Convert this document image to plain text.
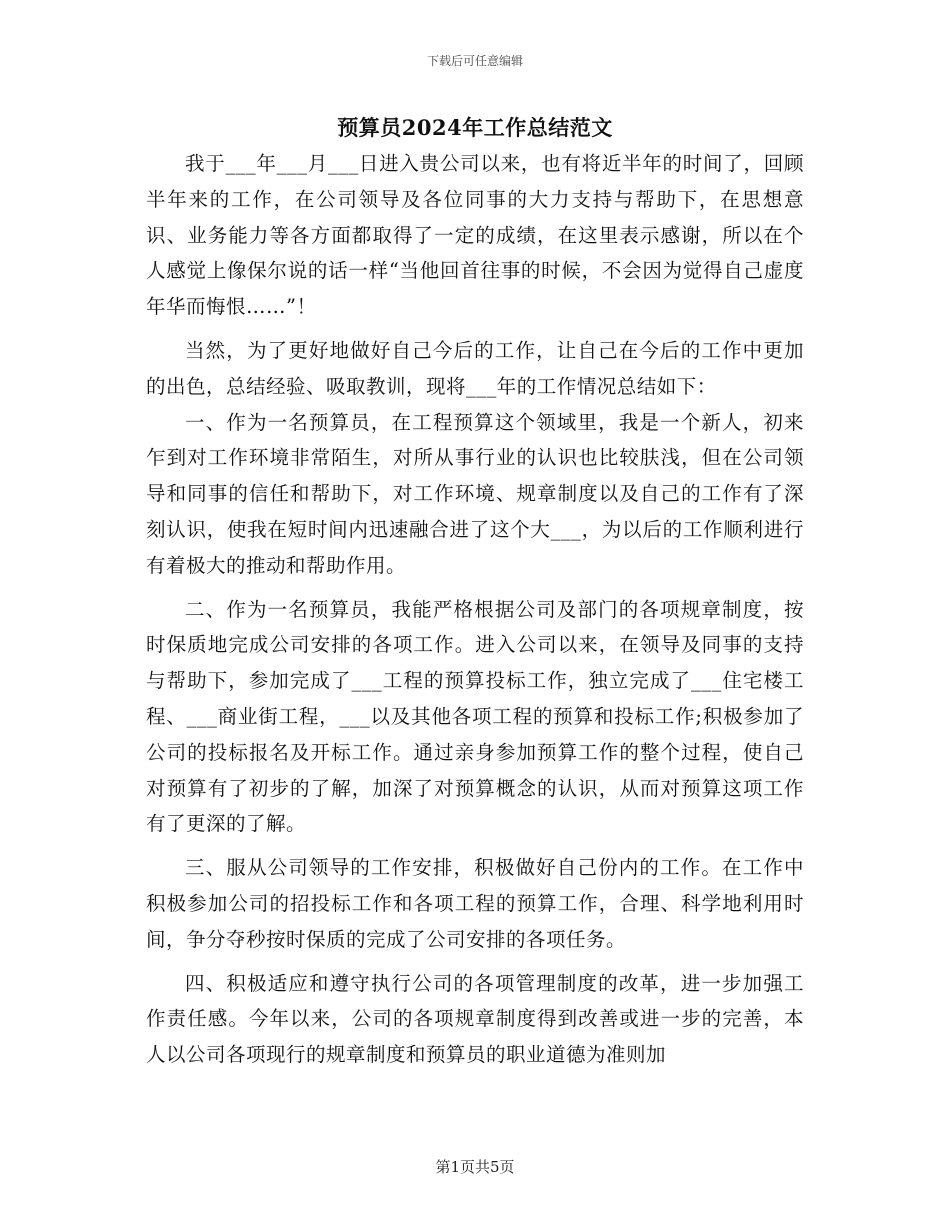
下载后可任意编辑
预算员2024年工作总结范文

我于___年___月___日进入贵公司以来，也有将近半年的时间了，回顾半年来的工作，在公司领导及各位同事的大力支持与帮助下，在思想意识、业务能力等各方面都取得了一定的成绩，在这里表示感谢，所以在个人感觉上像保尔说的话一样“当他回首往事的时候，不会因为觉得自己虚度年华而悔恨……”！

当然，为了更好地做好自己今后的工作，让自己在今后的工作中更加的出色，总结经验、吸取教训，现将___年的工作情况总结如下：

一、作为一名预算员，在工程预算这个领域里，我是一个新人，初来乍到对工作环境非常陌生，对所从事行业的认识也比较肤浅，但在公司领导和同事的信任和帮助下，对工作环境、规章制度以及自己的工作有了深刻认识，使我在短时间内迅速融合进了这个大___，为以后的工作顺利进行有着极大的推动和帮助作用。

二、作为一名预算员，我能严格根据公司及部门的各项规章制度，按时保质地完成公司安排的各项工作。进入公司以来，在领导及同事的支持与帮助下，参加完成了___工程的预算投标工作，独立完成了___住宅楼工程、___商业街工程，___以及其他各项工程的预算和投标工作;积极参加了公司的投标报名及开标工作。通过亲身参加预算工作的整个过程，使自己对预算有了初步的了解，加深了对预算概念的认识，从而对预算这项工作有了更深的了解。

三、服从公司领导的工作安排，积极做好自己份内的工作。在工作中积极参加公司的招投标工作和各项工程的预算工作，合理、科学地利用时间，争分夺秒按时保质的完成了公司安排的各项任务。

四、积极适应和遵守执行公司的各项管理制度的改革，进一步加强工作责任感。今年以来，公司的各项规章制度得到改善或进一步的完善，本人以公司各项现行的规章制度和预算员的职业道德为准则加

第1页共5页
